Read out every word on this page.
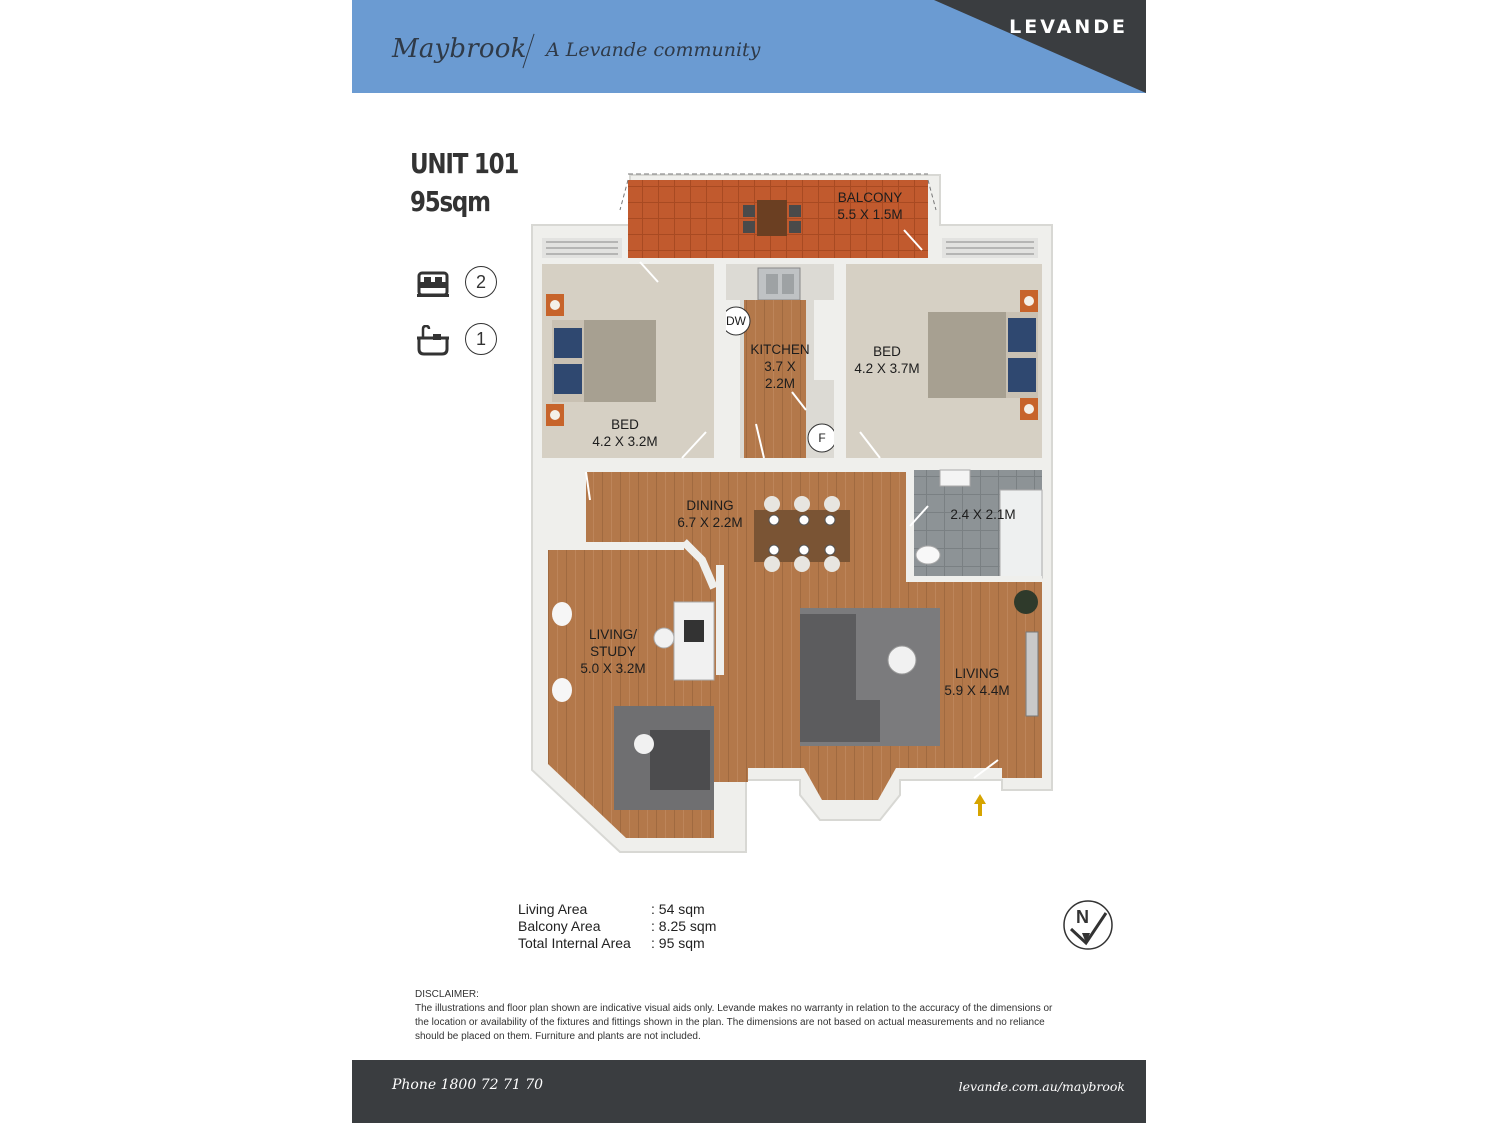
Maybrook A Levande community
LEVANDE
UNIT 101
95sqm
2
1
BALCONY
5.5 X 1.5M
KITCHEN
3.7 X
2.2M
DW
F
BED
4.2 X 3.2M
BED
4.2 X 3.7M
DINING
6.7 X 2.2M
2.4 X 2.1M
LIVING/
STUDY
5.0 X 3.2M	LIVING
5.9 X 4.4M
Living Area	: 54 sqm
Balcony Area	: 8.25 sqm
Total Internal Area : 95 sqm
N
DISCLAIMER:
The illustrations and floor plan shown are indicative visual aids only. Levande makes no warranty in relation to the accuracy of the dimensions or the location or availability of the fixtures and fittings shown in the plan. The dimensions are not based on actual measurements and no reliance should be placed on them. Furniture and plants are not included.
Phone 1800 72 71 70	levande.com.au/maybrook
